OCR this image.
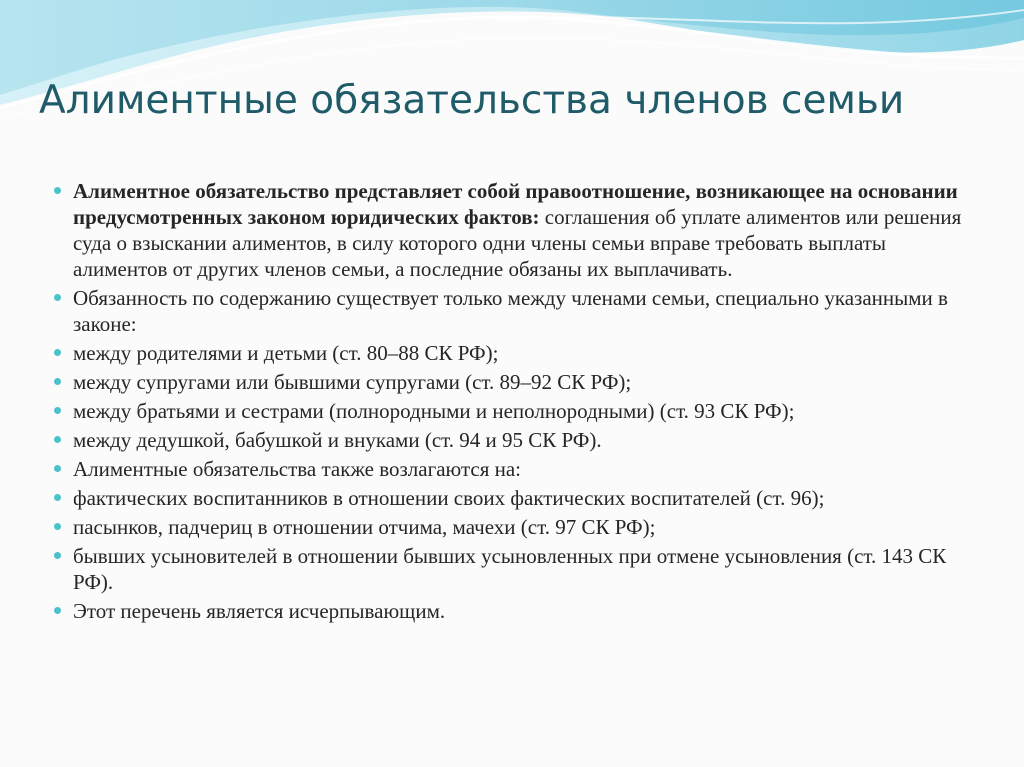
Алиментные обязательства членов семьи
Алиментное обязательство представляет собой правоотношение, возникающее на основании предусмотренных законом юридических фактов: соглашения об уплате алиментов или решения суда о взыскании алиментов, в силу которого одни члены семьи вправе требовать выплаты алиментов от других членов семьи, а последние обязаны их выплачивать.
Обязанность по содержанию существует только между членами семьи, специально указанными в законе:
между родителями и детьми (ст. 80–88 СК РФ);
между супругами или бывшими супругами (ст. 89–92 СК РФ);
между братьями и сестрами (полнородными и неполнородными) (ст. 93 СК РФ);
между дедушкой, бабушкой и внуками (ст. 94 и 95 СК РФ).
Алиментные обязательства также возлагаются на:
фактических воспитанников в отношении своих фактических воспитателей (ст. 96);
пасынков, падчериц в отношении отчима, мачехи (ст. 97 СК РФ);
бывших усыновителей в отношении бывших усыновленных при отмене усыновления (ст. 143 СК РФ).
Этот перечень является исчерпывающим.
